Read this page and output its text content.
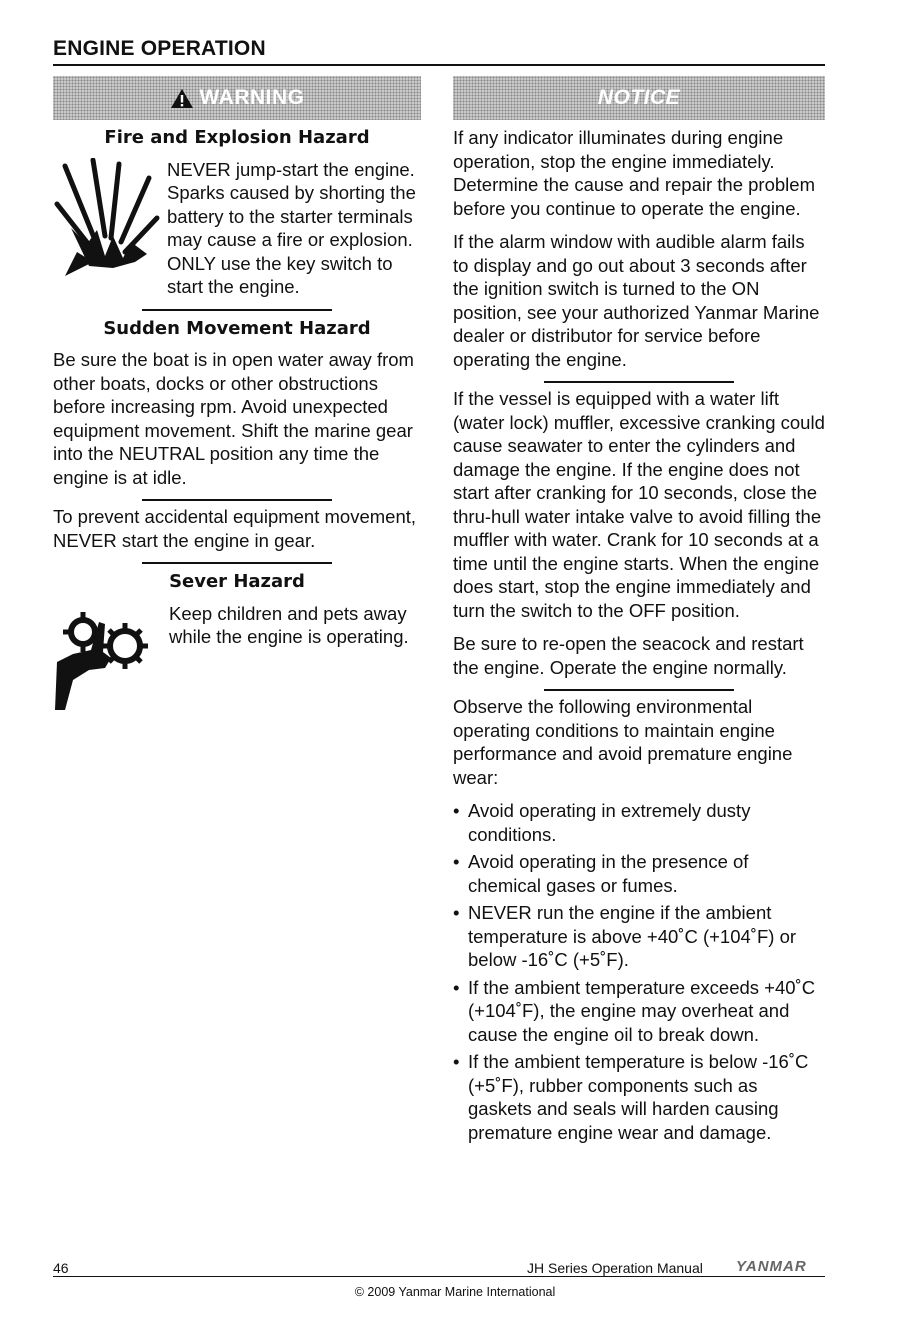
ENGINE OPERATION
WARNING
Fire and Explosion Hazard
NEVER jump-start the engine. Sparks caused by shorting the battery to the starter terminals may cause a fire or explosion. ONLY use the key switch to start the engine.
Sudden Movement Hazard

Be sure the boat is in open water away from other boats, docks or other obstructions before increasing rpm. Avoid unexpected equipment movement. Shift the marine gear into the NEUTRAL position any time the engine is at idle.

To prevent accidental equipment movement, NEVER start the engine in gear.

Sever Hazard
Keep children and pets away while the engine is operating.
NOTICE

If any indicator illuminates during engine operation, stop the engine immediately. Determine the cause and repair the problem before you continue to operate the engine.

If the alarm window with audible alarm fails to display and go out about 3 seconds after the ignition switch is turned to the ON position, see your authorized Yanmar Marine dealer or distributor for service before operating the engine.

If the vessel is equipped with a water lift (water lock) muffler, excessive cranking could cause seawater to enter the cylinders and damage the engine. If the engine does not start after cranking for 10 seconds, close the thru-hull water intake valve to avoid filling the muffler with water. Crank for 10 seconds at a time until the engine starts. When the engine does start, stop the engine immediately and turn the switch to the OFF position.

Be sure to re-open the seacock and restart the engine. Operate the engine normally.

Observe the following environmental operating conditions to maintain engine performance and avoid premature engine wear:

• Avoid operating in extremely dusty conditions.
• Avoid operating in the presence of chemical gases or fumes.
• NEVER run the engine if the ambient temperature is above +40˚C (+104˚F) or below -16˚C (+5˚F).
• If the ambient temperature exceeds +40˚C (+104˚F), the engine may overheat and cause the engine oil to break down.
• If the ambient temperature is below -16˚C (+5˚F), rubber components such as gaskets and seals will harden causing premature engine wear and damage.
46	JH Series Operation Manual YANMAR
© 2009 Yanmar Marine International
